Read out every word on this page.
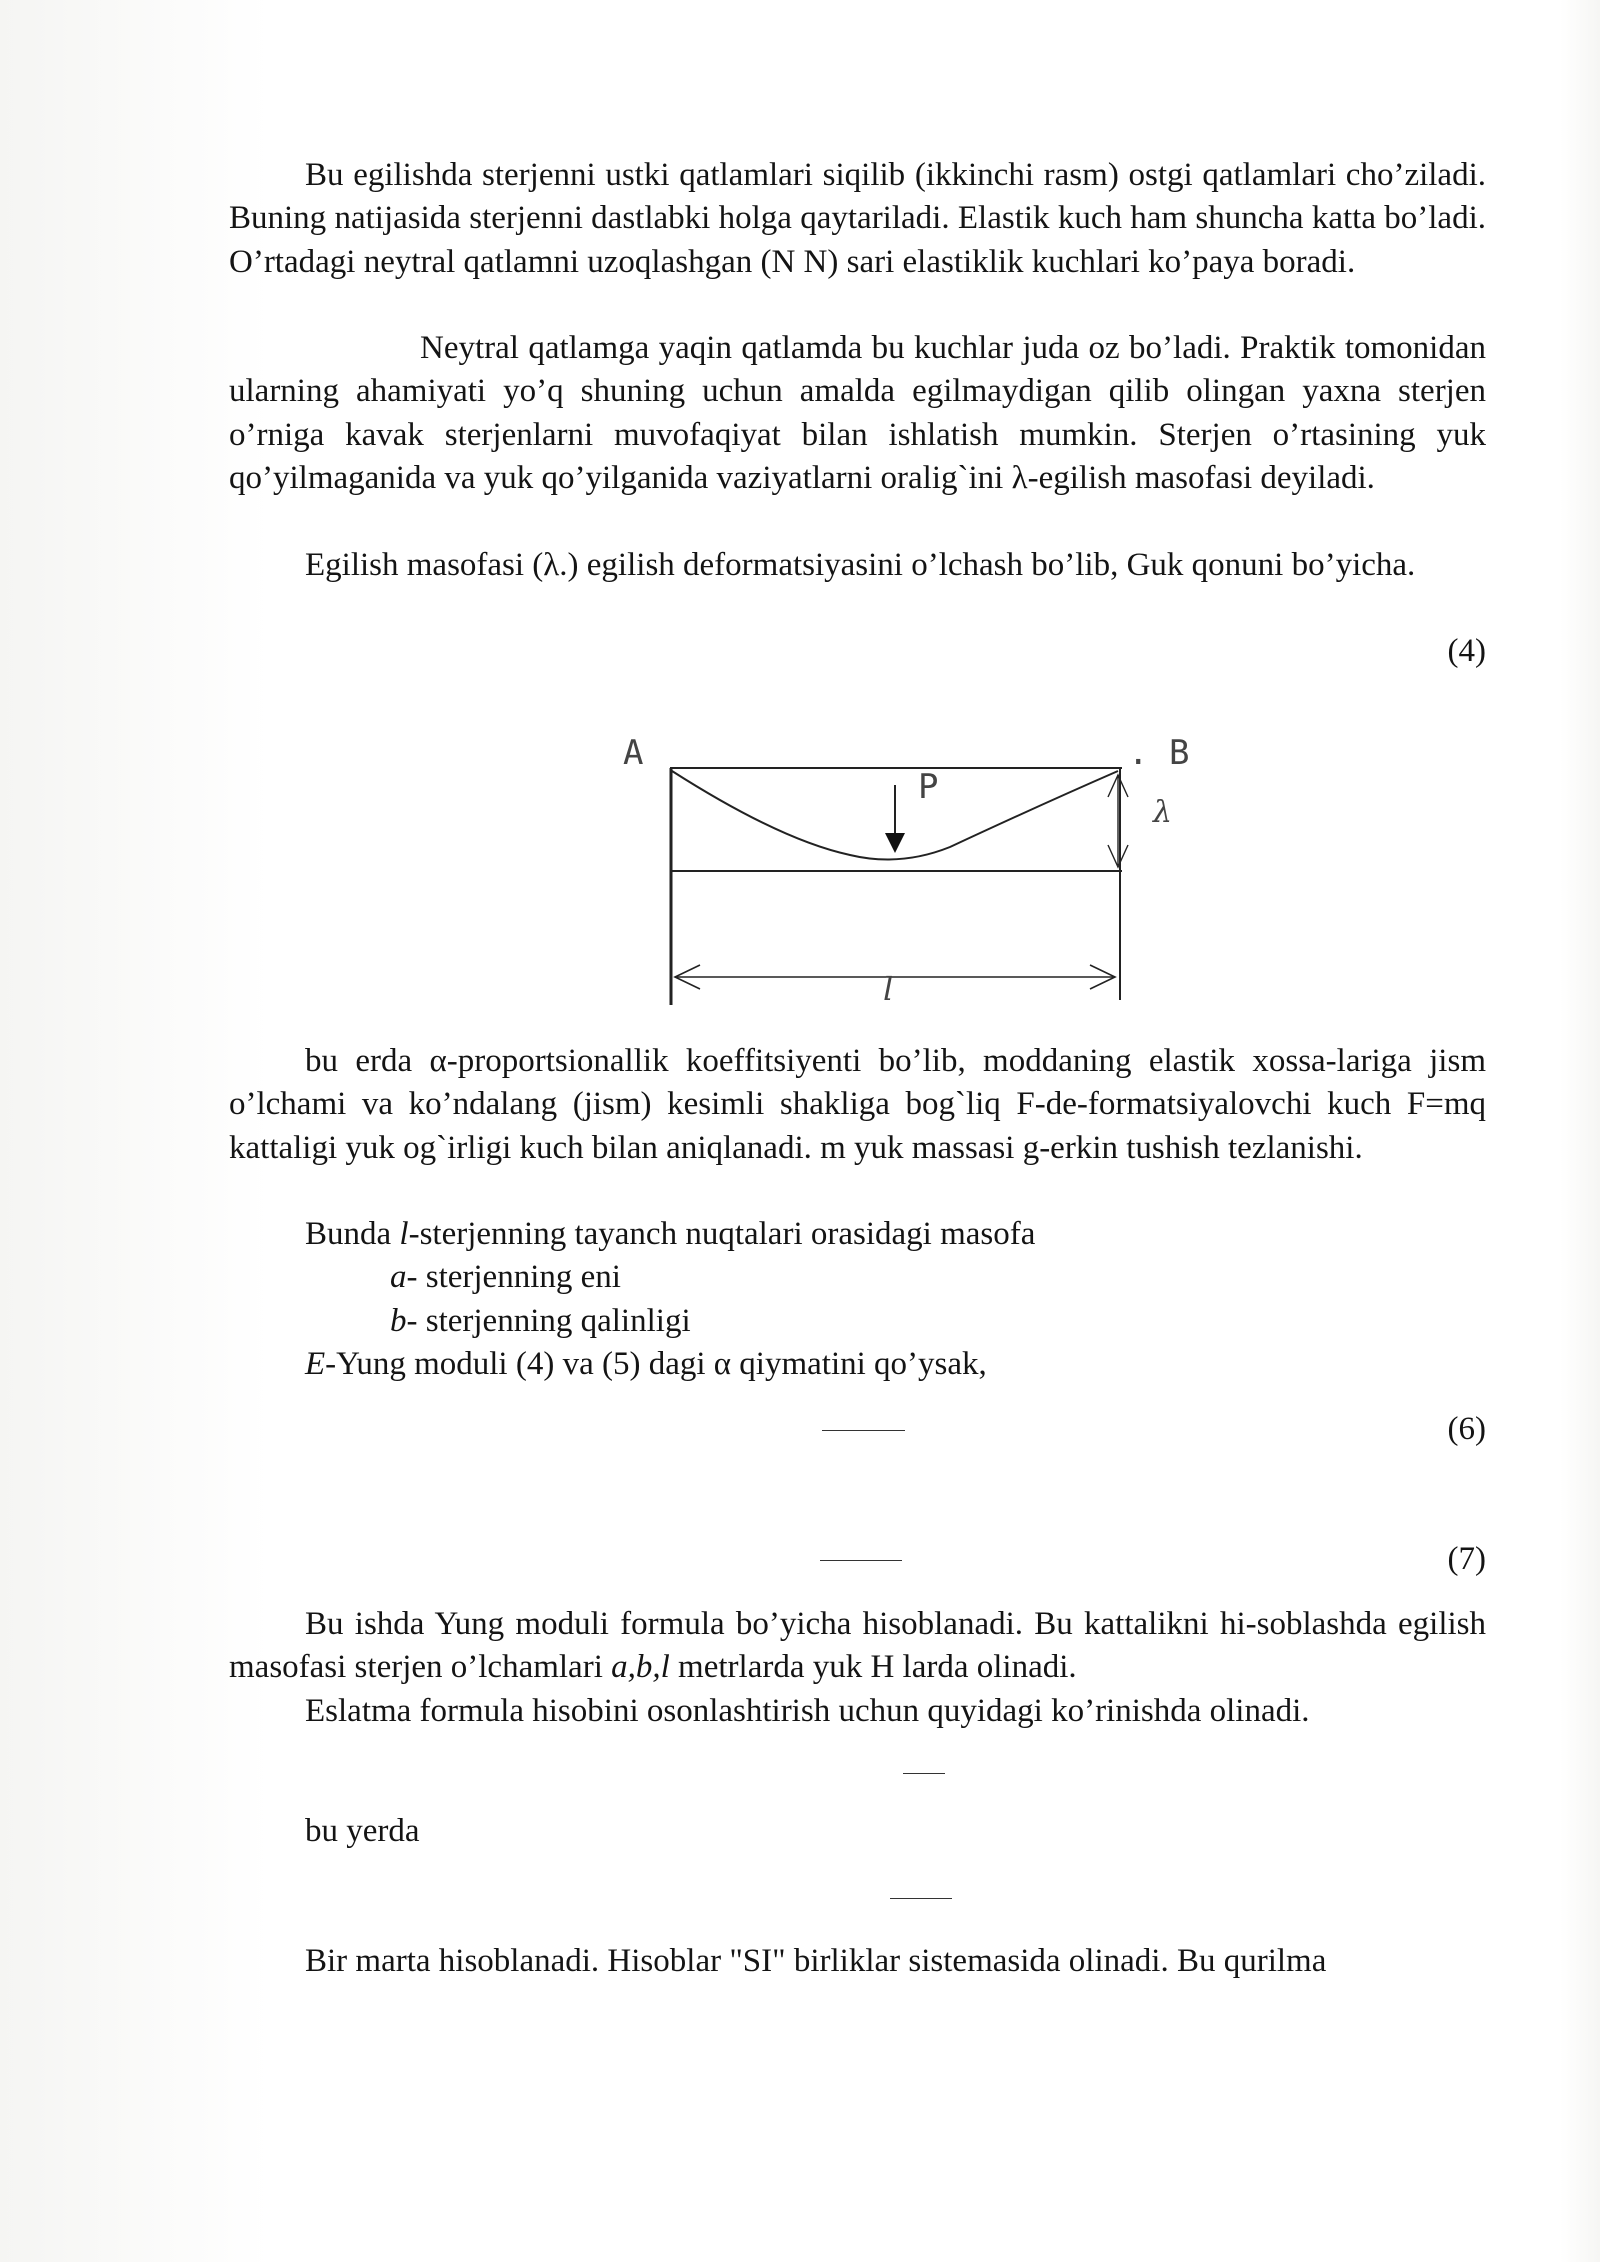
Bu egilishda sterjenni ustki qatlamlari siqilib (ikkinchi rasm) ostgi qatlamlari cho’ziladi. Buning natijasida sterjenni dastlabki holga qaytariladi. Elastik kuch ham shuncha katta bo’ladi. O’rtadagi neytral qatlamni uzoqlashgan (N N) sari elastiklik kuchlari ko’paya boradi.

Neytral qatlamga yaqin qatlamda bu kuchlar juda oz bo’ladi. Praktik tomonidan ularning ahamiyati yo’q shuning uchun amalda egilmaydigan qilib olingan yaxna sterjen o’rniga kavak sterjenlarni muvofaqiyat bilan ishlatish mumkin. Sterjen o’rtasining yuk qo’yilmaganida va yuk qo’yilganida vaziyatlarni oralig`ini λ-egilish masofasi deyiladi.

Egilish masofasi (λ.) egilish deformatsiyasini o’lchash bo’lib, Guk qonuni bo’yicha.

(4)

A	. B
P
λ
l

bu erda α-proportsionallik koeffitsiyenti bo’lib, moddaning elastik xossa-lariga jism o’lchami va ko’ndalang (jism) kesimli shakliga bog`liq F-de-formatsiyalovchi kuch F=mq kattaligi yuk og`irligi kuch bilan aniqlanadi. m yuk massasi g-erkin tushish tezlanishi.

Bunda l-sterjenning tayanch nuqtalari orasidagi masofa

a- sterjenning eni

b- sterjenning qalinligi

E-Yung moduli (4) va (5) dagi α qiymatini qo’ysak,

(6)

(7)

Bu ishda Yung moduli formula bo’yicha hisoblanadi. Bu kattalikni hi-soblashda egilish masofasi sterjen o’lchamlari a,b,l metrlarda yuk H larda olinadi.

Eslatma formula hisobini osonlashtirish uchun quyidagi ko’rinishda olinadi.

bu yerda

Bir marta hisoblanadi. Hisoblar "SI" birliklar sistemasida olinadi. Bu qurilma
